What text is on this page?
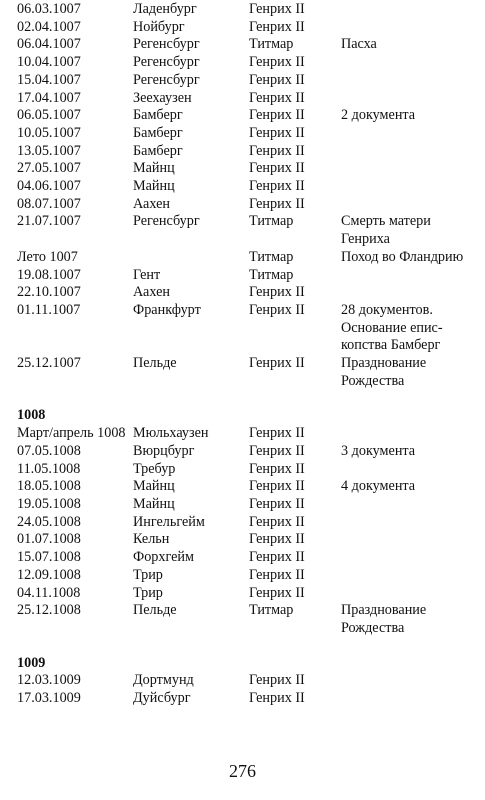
06.03.1007	Ладенбург	Генрих II	
02.04.1007	Нойбург	Генрих II	
06.04.1007	Регенсбург	Титмар	Пасха
10.04.1007	Регенсбург	Генрих II	
15.04.1007	Регенсбург	Генрих II	
17.04.1007	Зеехаузен	Генрих II	
06.05.1007	Бамберг	Генрих II	2 документа
10.05.1007	Бамберг	Генрих II	
13.05.1007	Бамберг	Генрих II	
27.05.1007	Майнц	Генрих II	
04.06.1007	Майнц	Генрих II	
08.07.1007	Аахен	Генрих II	
21.07.1007	Регенсбург	Титмар	Смерть матери Генриха
Лето 1007		Титмар	Поход во Фландрию
19.08.1007	Гент	Титмар	
22.10.1007	Аахен	Генрих II	
01.11.1007	Франкфурт	Генрих II	28 документов. Основание епис-копства Бамберг
25.12.1007	Пельде	Генрих II	Празднование Рождества

1008			
Март/апрель 1008	Мюльхаузен	Генрих II	
07.05.1008	Вюрцбург	Генрих II	3 документа
11.05.1008	Требур	Генрих II	
18.05.1008	Майнц	Генрих II	4 документа
19.05.1008	Майнц	Генрих II	
24.05.1008	Ингельгейм	Генрих II	
01.07.1008	Кельн	Генрих II	
15.07.1008	Форхгейм	Генрих II	
12.09.1008	Трир	Генрих II	
04.11.1008	Трир	Генрих II	
25.12.1008	Пельде	Титмар	Празднование Рождества

1009			
12.03.1009	Дортмунд	Генрих II	
17.03.1009	Дуйсбург	Генрих II	
276
